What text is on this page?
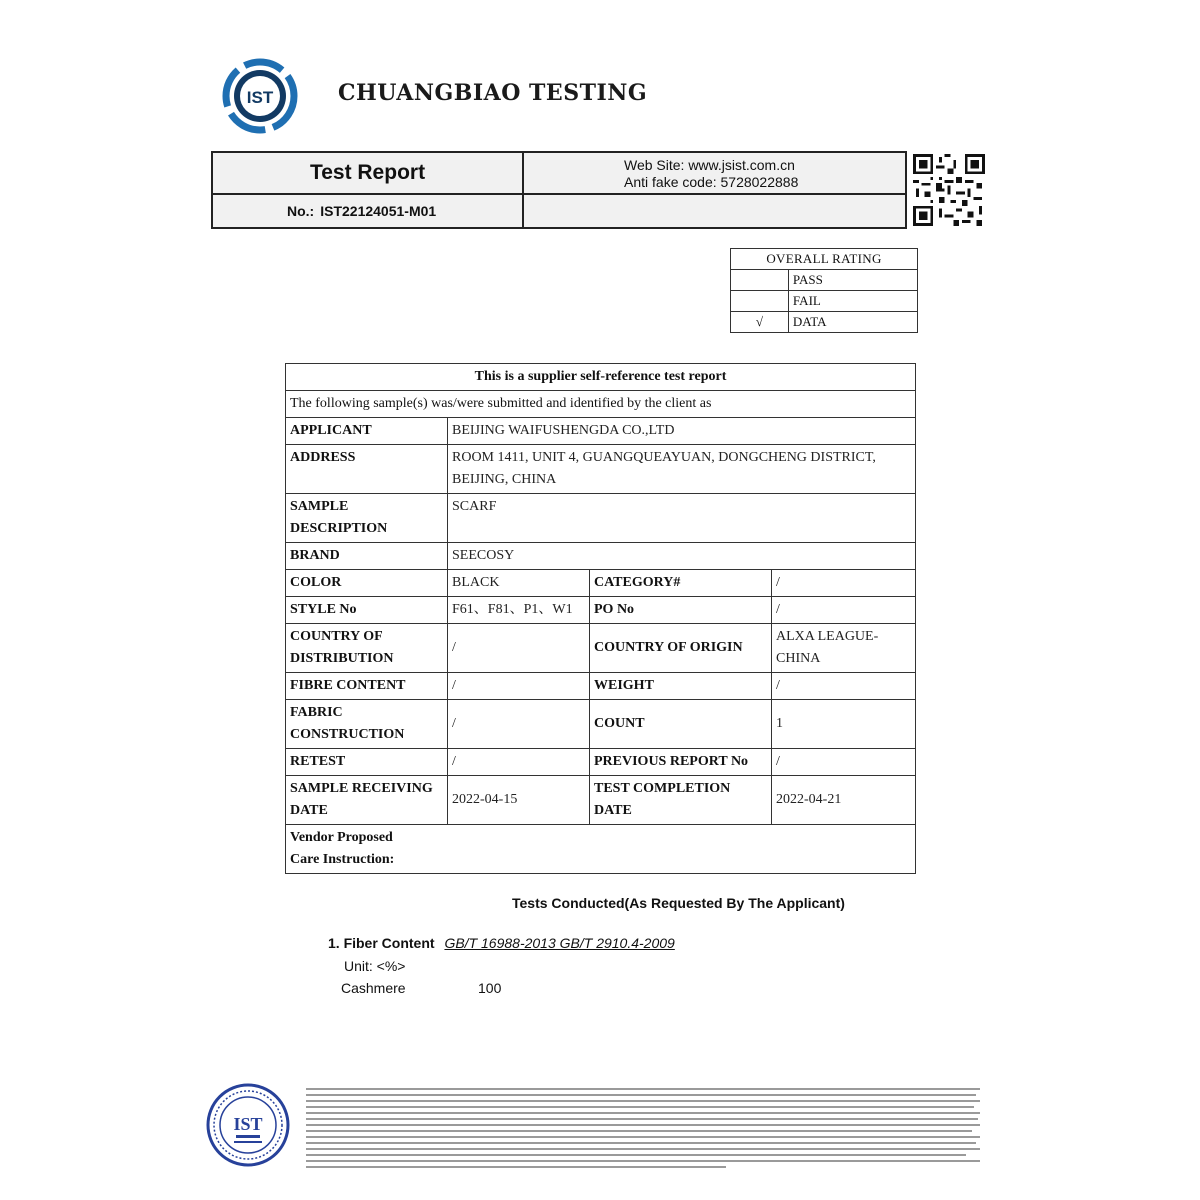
IST	CHUANGBIAO TESTING
Test Report	Web Site: www.jsist.com.cn
Anti fake code: 5728022888
No.: IST22124051-M01
OVERALL RATING	
	PASS
	FAIL
√	DATA
This is a supplier self-reference test report			
The following sample(s) was/were submitted and identified by the client as			
APPLICANT	BEIJING WAIFUSHENGDA CO.,LTD		
ADDRESS	ROOM 1411, UNIT 4, GUANGQUEAYUAN, DONGCHENG DISTRICT, BEIJING, CHINA		
SAMPLE DESCRIPTION	SCARF		
BRAND	SEECOSY		
COLOR	BLACK	CATEGORY#	/
STYLE No	F61、F81、P1、W1	PO No	/
COUNTRY OF DISTRIBUTION	/	COUNTRY OF ORIGIN	ALXA LEAGUE-CHINA
FIBRE CONTENT	/	WEIGHT	/
FABRIC CONSTRUCTION	/	COUNT	1
RETEST	/	PREVIOUS REPORT No	/
SAMPLE RECEIVING DATE	2022-04-15	TEST COMPLETION DATE	2022-04-21

Vendor Proposed Care Instruction:			
Tests Conducted(As Requested By The Applicant)
1. Fiber Content GB/T 16988-2013 GB/T 2910.4-2009
Unit: <%>
Cashmere	100
IST
